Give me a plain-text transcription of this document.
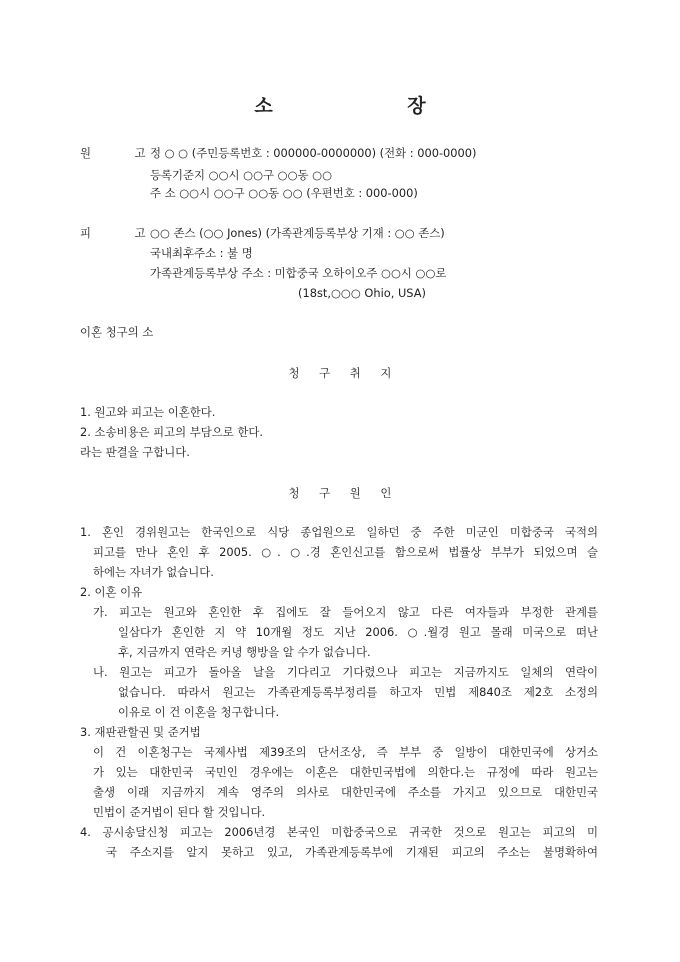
소 장
원 고
정 ○ ○ (주민등록번호 : 000000-0000000) (전화 : 000-0000)
등록기준지 ○○시 ○○구 ○○동 ○○
주 소 ○○시 ○○구 ○○동 ○○ (우편번호 : 000-000)
피 고
○○ 존스 (○○ Jones) (가족관계등록부상 기재 : ○○ 존스)
국내최후주소 : 불 명
가족관계등록부상 주소 : 미합중국 오하이오주 ○○시 ○○로
(18st,○○○ Ohio, USA)
이혼 청구의 소
청 구 취 지
1. 원고와 피고는 이혼한다.
2. 소송비용은 피고의 부담으로 한다.
라는 판결을 구합니다.
청 구 원 인
1. 혼인 경위원고는 한국인으로 식당 종업원으로 일하던 중 주한 미군인 미합중국 국적의
피고를 만나 혼인 후 2005. ○. ○.경 혼인신고를 함으로써 법률상 부부가 되었으며 슬
하에는 자녀가 없습니다.
2. 이혼 이유
가. 피고는 원고와 혼인한 후 집에도 잘 들어오지 않고 다른 여자들과 부정한 관계를
일삼다가 혼인한 지 약 10개월 정도 지난 2006. ○.월경 원고 몰래 미국으로 떠난
후, 지금까지 연락은 커녕 행방을 알 수가 없습니다.
나. 원고는 피고가 돌아올 날을 기다리고 기다렸으나 피고는 지금까지도 일체의 연락이
없습니다. 따라서 원고는 가족관계등록부정리를 하고자 민법 제840조 제2호 소정의
이유로 이 건 이혼을 청구합니다.
3. 재판관할권 및 준거법
이 건 이혼청구는 국제사법 제39조의 단서조상, 즉 부부 중 일방이 대한민국에 상거소
가 있는 대한민국 국민인 경우에는 이혼은 대한민국법에 의한다.는 규정에 따라 원고는
출생 이래 지금까지 계속 영주의 의사로 대한민국에 주소를 가지고 있으므로 대한민국
민법이 준거법이 된다 할 것입니다.
4. 공시송달신청 피고는 2006년경 본국인 미합중국으로 귀국한 것으로 원고는 피고의 미
국 주소지를 알지 못하고 있고, 가족관계등록부에 기재된 피고의 주소는 불명확하여
